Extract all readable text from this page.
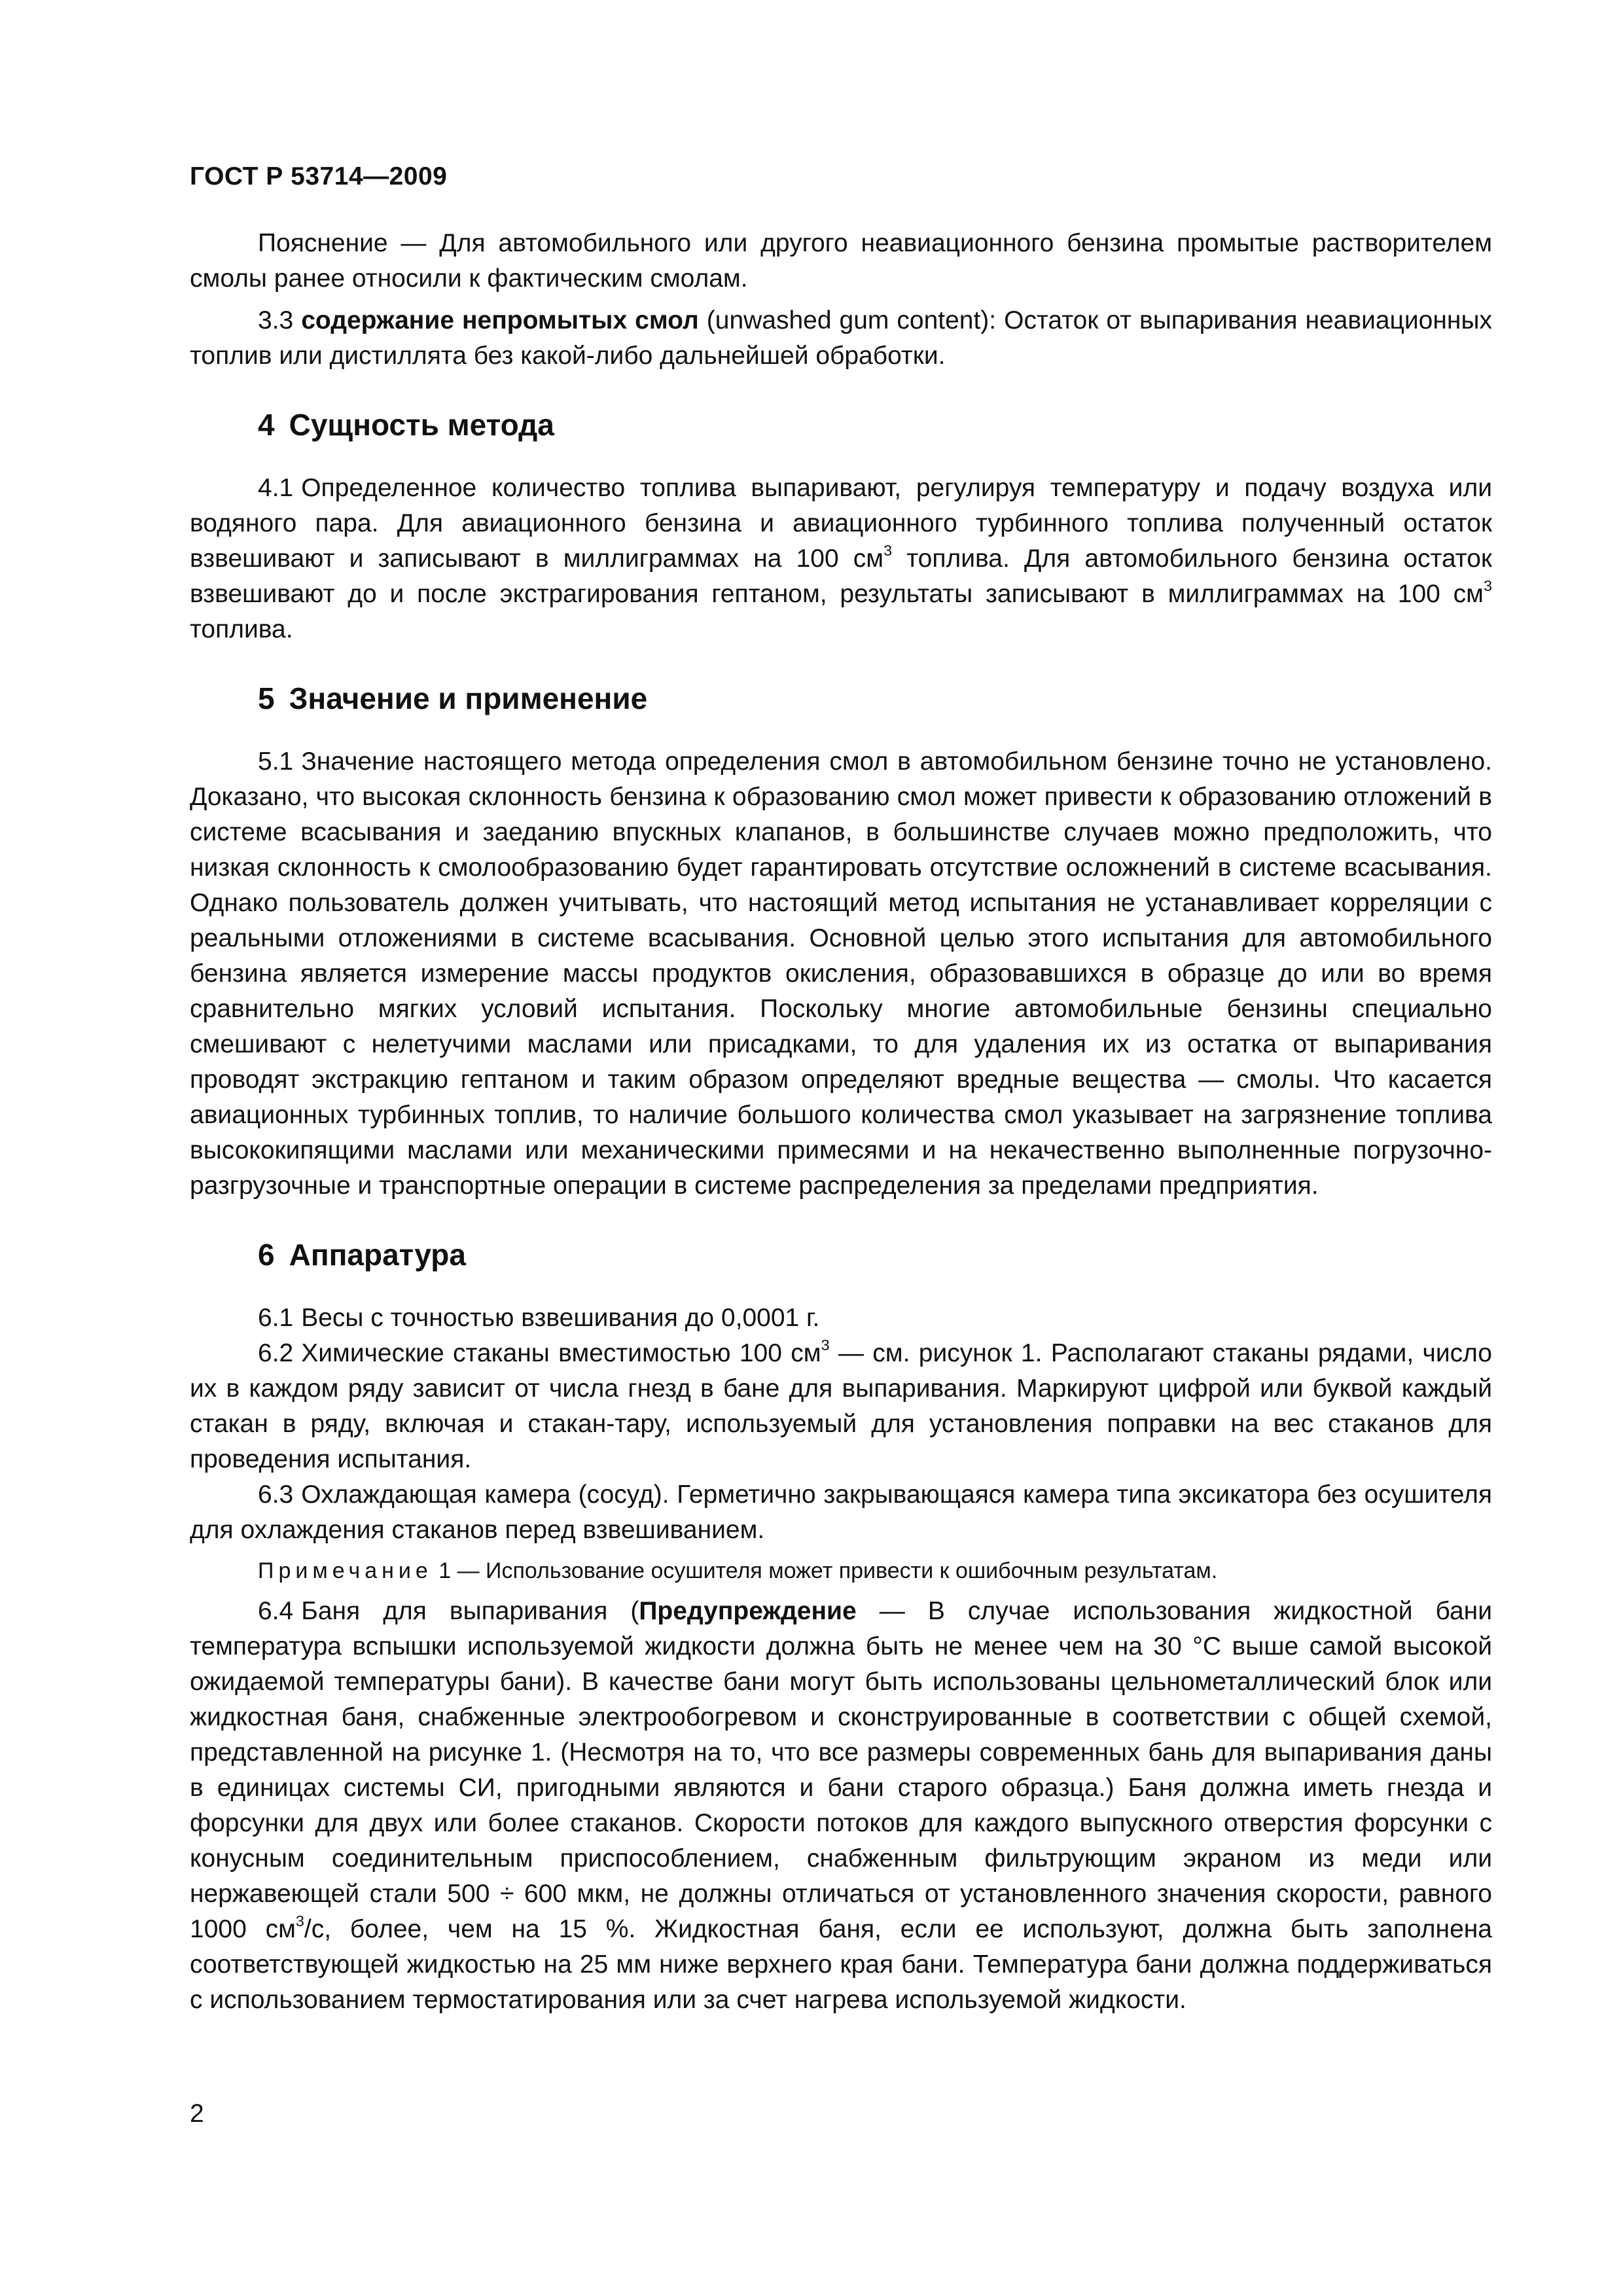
ГОСТ Р 53714—2009

Пояснение — Для автомобильного или другого неавиационного бензина промытые растворителем смолы ранее относили к фактическим смолам.

3.3 содержание непромытых смол (unwashed gum content): Остаток от выпаривания неавиационных топлив или дистиллята без какой-либо дальнейшей обработки.

4 Сущность метода

4.1 Определенное количество топлива выпаривают, регулируя температуру и подачу воздуха или водяного пара. Для авиационного бензина и авиационного турбинного топлива полученный остаток взвешивают и записывают в миллиграммах на 100 $см^3$ топлива. Для автомобильного бензина остаток взвешивают до и после экстрагирования гептаном, результаты записывают в миллиграммах на 100 $см^3$ топлива.

5 Значение и применение

5.1 Значение настоящего метода определения смол в автомобильном бензине точно не установлено. Доказано, что высокая склонность бензина к образованию смол может привести к образованию отложений в системе всасывания и заеданию впускных клапанов, в большинстве случаев можно предположить, что низкая склонность к смолообразованию будет гарантировать отсутствие осложнений в системе всасывания. Однако пользователь должен учитывать, что настоящий метод испытания не устанавливает корреляции с реальными отложениями в системе всасывания. Основной целью этого испытания для автомобильного бензина является измерение массы продуктов окисления, образовавшихся в образце до или во время сравнительно мягких условий испытания. Поскольку многие автомобильные бензины специально смешивают с нелетучими маслами или присадками, то для удаления их из остатка от выпаривания проводят экстракцию гептаном и таким образом определяют вредные вещества — смолы. Что касается авиационных турбинных топлив, то наличие большого количества смол указывает на загрязнение топлива высококипящими маслами или механическими примесями и на некачественно выполненные погрузочно-разгрузочные и транспортные операции в системе распределения за пределами предприятия.

6 Аппаратура

6.1 Весы с точностью взвешивания до 0,0001 г.

6.2 Химические стаканы вместимостью 100 $см^3$ — см. рисунок 1. Располагают стаканы рядами, число их в каждом ряду зависит от числа гнезд в бане для выпаривания. Маркируют цифрой или буквой каждый стакан в ряду, включая и стакан-тару, используемый для установления поправки на вес стаканов для проведения испытания.

6.3 Охлаждающая камера (сосуд). Герметично закрывающаяся камера типа эксикатора без осушителя для охлаждения стаканов перед взвешиванием.

Примечание 1 — Использование осушителя может привести к ошибочным результатам.

6.4 Баня для выпаривания (Предупреждение — В случае использования жидкостной бани температура вспышки используемой жидкости должна быть не менее чем на 30 °С выше самой высокой ожидаемой температуры бани). В качестве бани могут быть использованы цельнометаллический блок или жидкостная баня, снабженные электрообогревом и сконструированные в соответствии с общей схемой, представленной на рисунке 1. (Несмотря на то, что все размеры современных бань для выпаривания даны в единицах системы СИ, пригодными являются и бани старого образца.) Баня должна иметь гнезда и форсунки для двух или более стаканов. Скорости потоков для каждого выпускного отверстия форсунки с конусным соединительным приспособлением, снабженным фильтрующим экраном из меди или нержавеющей стали 500 ÷ 600 мкм, не должны отличаться от установленного значения скорости, равного 1000 $см^3/с$, более, чем на 15 %. Жидкостная баня, если ее используют, должна быть заполнена соответствующей жидкостью на 25 мм ниже верхнего края бани. Температура бани должна поддерживаться с использованием термостатирования или за счет нагрева используемой жидкости.

2
